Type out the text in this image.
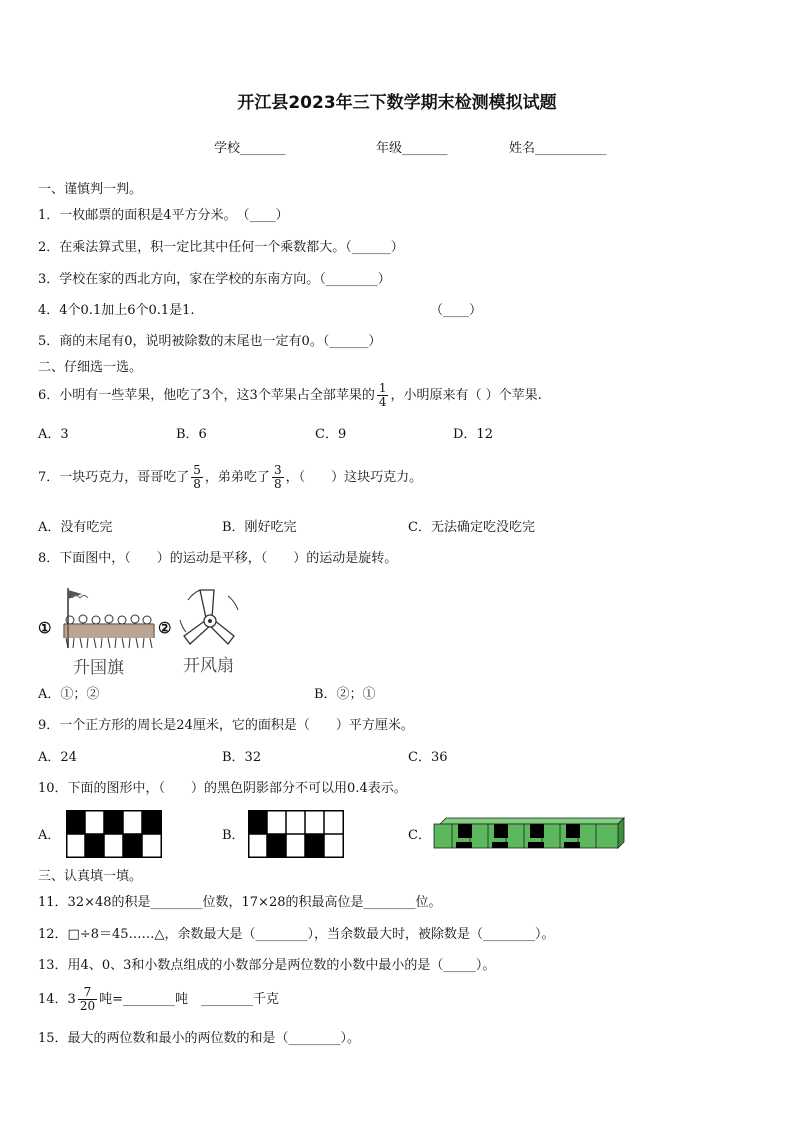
开江县2023年三下数学期末检测模拟试题
学校_______	年级_______	姓名___________
一、谨慎判一判。
1．一枚邮票的面积是4平方分米。　（____）
2．在乘法算式里，积一定比其中任何一个乘数都大。（______）
3．学校在家的西北方向，家在学校的东南方向。（________）
4．4个0.1加上6个0.1是1.	（____）
5．商的末尾有0，说明被除数的末尾也一定有0。（______）
二、仔细选一选。
6．小明有一些苹果，他吃了3个，这3个苹果占全部苹果的 $\frac{1}{4}$ ，小明原来有（ ）个苹果.
A．3	B．6	C．9	D．12
7．一块巧克力，哥哥吃了 $\frac{5}{8}$ ，弟弟吃了 $\frac{3}{8}$ ，（　　）这块巧克力。
A．没有吃完	B．刚好吃完	C．无法确定吃没吃完
8．下面图中，（　　）的运动是平移，（　　）的运动是旋转。
①
升国旗
②
开风扇
A．①；②	B．②；①
9．一个正方形的周长是24厘米，它的面积是（　　）平方厘米。
A．24	B．32	C．36
10．下面的图形中，（　　）的黑色阴影部分不可以用0.4表示。
A．	B．	C．
三、认真填一填。
11．32×48的积是________位数，17×28的积最高位是________位。
12．□÷8＝45……△，余数最大是（________），当余数最大时，被除数是（________）。
13．用4、0、3和小数点组成的小数部分是两位数的小数中最小的是（_____）。
14．$3 \frac{7}{20}$ 吨=________吨　________千克
15．最大的两位数和最小的两位数的和是（________）。
